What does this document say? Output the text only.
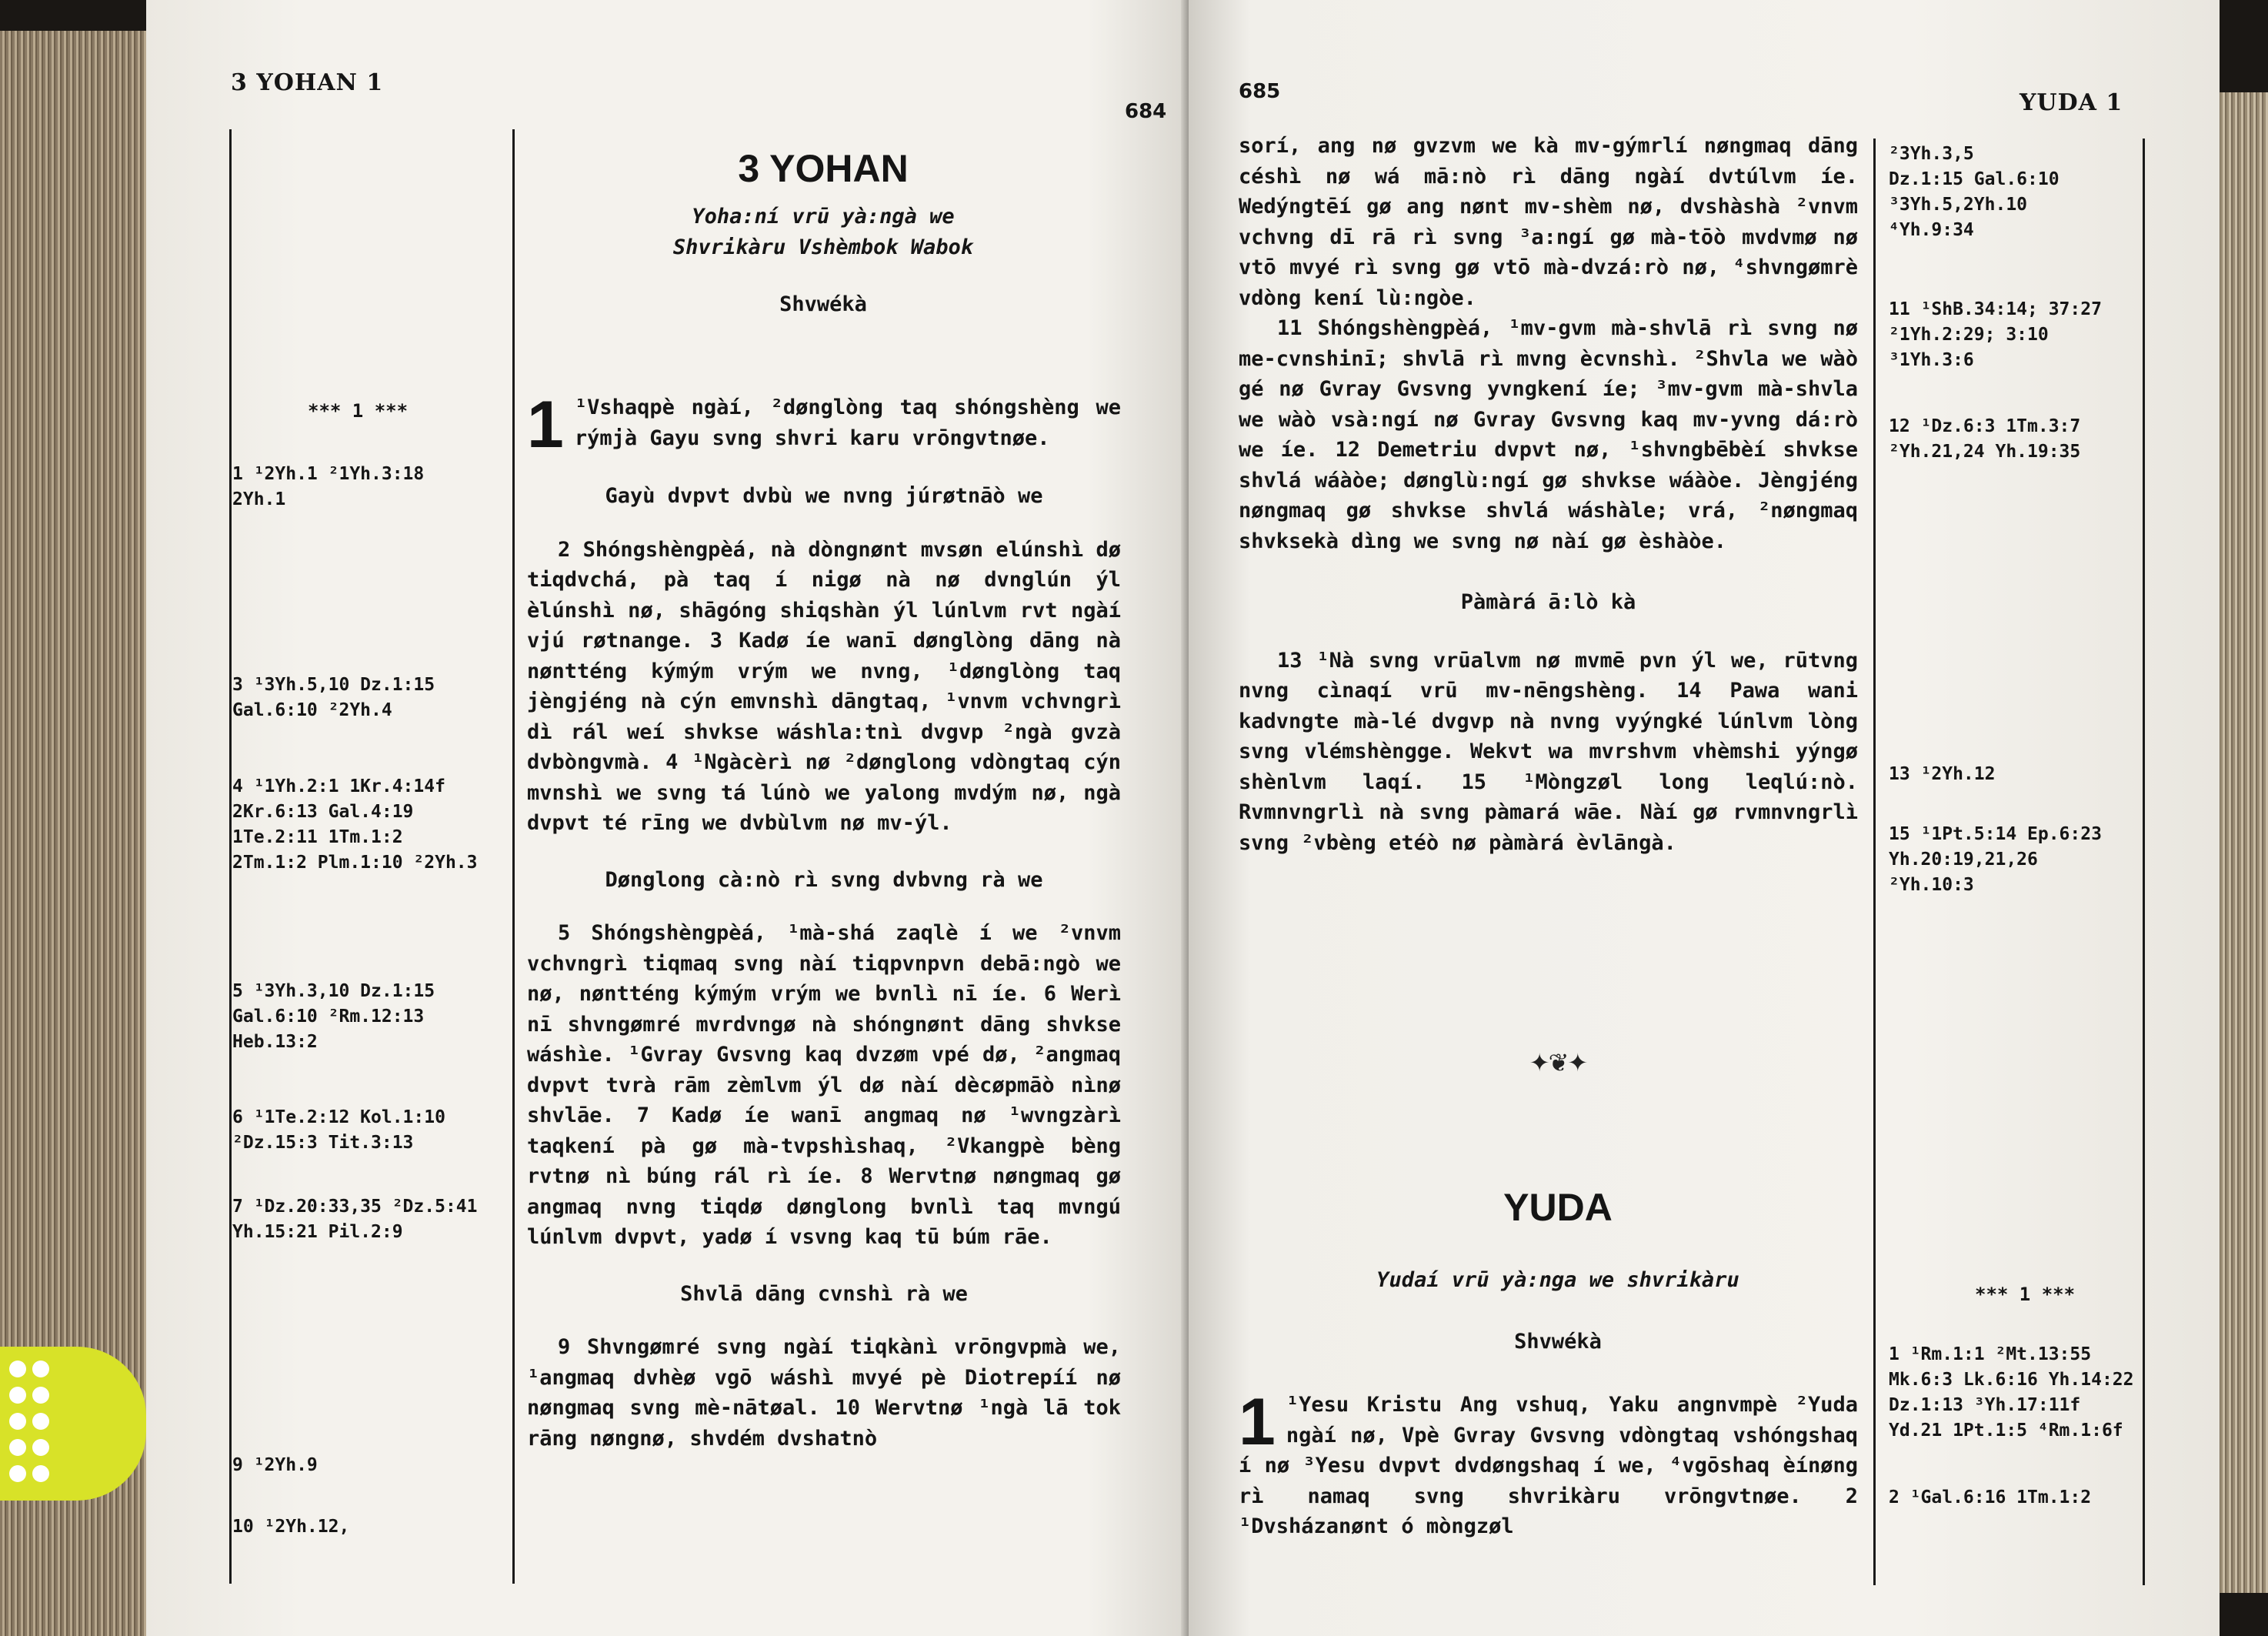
3 YOHAN 1
684
*** 1 ***
1 ¹2Yh.1 ²1Yh.3:18
2Yh.1
3 ¹3Yh.5,10 Dz.1:15
Gal.6:10 ²2Yh.4
4 ¹1Yh.2:1 1Kr.4:14f
2Kr.6:13 Gal.4:19
1Te.2:11 1Tm.1:2
2Tm.1:2 Plm.1:10 ²2Yh.3
5 ¹3Yh.3,10 Dz.1:15
Gal.6:10 ²Rm.12:13
Heb.13:2
6 ¹1Te.2:12 Kol.1:10
²Dz.15:3 Tit.3:13
7 ¹Dz.20:33,35 ²Dz.5:41
Yh.15:21 Pil.2:9
9 ¹2Yh.9
10 ¹2Yh.12,
3 YOHAN
Yoha:ní vrū yà:ngà we
Shvrikàru Vshèmbok Wabok
Shvwékà

1 ¹Vshaqpè ngàí, ²dønglòng taq shóngshèng we rýmjà Gayu svng shvri karu vrōngvtnøe.

Gayù dvpvt dvbù we nvng júrøtnāò we

2 Shóngshèngpèá, nà dòngnønt mvsøn elúnshì dø tiqdvchá, pà taq í nigø nà nø dvnglún ýl èlúnshì nø, shāgóng shiqshàn ýl lúnlvm rvt ngàí vjú røtnange. 3 Kadø íe wanī dønglòng dāng nà nøntténg kýmým vrým we nvng, ¹dønglòng taq jèngjéng nà cýn emvnshì dāngtaq, ¹vnvm vchvngrì dì rál weí shvkse wáshla:tnì dvgvp ²ngà gvzà dvbòngvmà. 4 ¹Ngàcèrì nø ²dønglong vdòngtaq cýn mvnshì we svng tá lúnò we yalong mvdým nø, ngà dvpvt té rīng we dvbùlvm nø mv-ýl.

Dønglong cà:nò rì svng dvbvng rà we

5 Shóngshèngpèá, ¹mà-shá zaqlè í we ²vnvm vchvngrì tiqmaq svng nàí tiqpvnpvn debā:ngò we nø, nøntténg kýmým vrým we bvnlì nī íe. 6 Werì nī shvngømré mvrdvngø nà shóngnønt dāng shvkse wáshìe. ¹Gvray Gvsvng kaq dvzøm vpé dø, ²angmaq dvpvt tvrà rām zèmlvm ýl dø nàí dècøpmāò nìnø shvlāe. 7 Kadø íe wanī angmaq nø ¹wvngzàrì taqkení pà gø mà-tvpshìshaq, ²Vkangpè bèng rvtnø nì búng rál rì íe. 8 Wervtnø nøngmaq gø angmaq nvng tiqdø dønglong bvnlì taq mvngú lúnlvm dvpvt, yadø í vsvng kaq tū búm rāe.

Shvlā dāng cvnshì rà we

9 Shvngømré svng ngàí tiqkànì vrōngvpmà we, ¹angmaq dvhèø vgō wáshì mvyé pè Diotrepíí nø nøngmaq svng mè-nātøal. 10 Wervtnø ¹ngà lā tok rāng nøngnø, shvdém dvshatnò

685	YUDA 1

sorí, ang nø gvzvm we kà mv-gýmrlí nøngmaq dāng céshì nø wá mā:nò rì dāng ngàí dvtúlvm íe. Wedýngtēí gø ang nønt mv-shèm nø, dvshàshà ²vnvm vchvng dī rā rì svng ³a:ngí gø mà-tōò mvdvmø nø vtō mvyé rì svng gø vtō mà-dvzá:rò nø, ⁴shvngømrè vdòng kení lù:ngòe.

11 Shóngshèngpèá, ¹mv-gvm mà-shvlā rì svng nø me-cvnshinī; shvlā rì mvng ècvnshì. ²Shvla we wàò gé nø Gvray Gvsvng yvngkení íe; ³mv-gvm mà-shvla we wàò vsà:ngí nø Gvray Gvsvng kaq mv-yvng dá:rò we íe. 12 Demetriu dvpvt nø, ¹shvngbēbèí shvkse shvlá wáàòe; dønglù:ngí gø shvkse wáàòe. Jèngjéng nøngmaq gø shvkse shvlá wáshàle; vrá, ²nøngmaq shvksekà dìng we svng nø nàí gø èshàòe.

Pàmàrá ā:lò kà

13 ¹Nà svng vrūalvm nø mvmē pvn ýl we, rūtvng nvng cìnaqí vrū mv-nēngshèng. 14 Pawa wani kadvngte mà-lé dvgvp nà nvng vyýngké lúnlvm lòng svng vlémshèngge. Wekvt wa mvrshvm vhèmshi yýngø shènlvm laqí. 15 ¹Mòngzøl long leqlú:nò. Rvmnvngrlì nà svng pàmará wāe. Nàí gø rvmnvngrlì svng ²vbèng etéò nø pàmàrá èvlāngà.

✦❦✦
YUDA
Yudaí vrū yà:nga we shvrikàru
Shvwékà

1 ¹Yesu Kristu Ang vshuq, Yaku angnvmpè ²Yuda ngàí nø, Vpè Gvray Gvsvng vdòngtaq vshóngshaq í nø ³Yesu dvpvt dvdøngshaq í we, ⁴vgōshaq èínøng rì namaq svng shvrikàru vrōngvtnøe. 2 ¹Dvsházanønt ó mòngzøl

²3Yh.3,5
Dz.1:15 Gal.6:10
³3Yh.5,2Yh.10
⁴Yh.9:34
11 ¹ShB.34:14; 37:27
²1Yh.2:29; 3:10
³1Yh.3:6
12 ¹Dz.6:3 1Tm.3:7
²Yh.21,24 Yh.19:35
13 ¹2Yh.12
15 ¹1Pt.5:14 Ep.6:23
Yh.20:19,21,26
²Yh.10:3
*** 1 ***
1 ¹Rm.1:1 ²Mt.13:55
Mk.6:3 Lk.6:16 Yh.14:22
Dz.1:13 ³Yh.17:11f
Yd.21 1Pt.1:5 ⁴Rm.1:6f
2 ¹Gal.6:16 1Tm.1:2
